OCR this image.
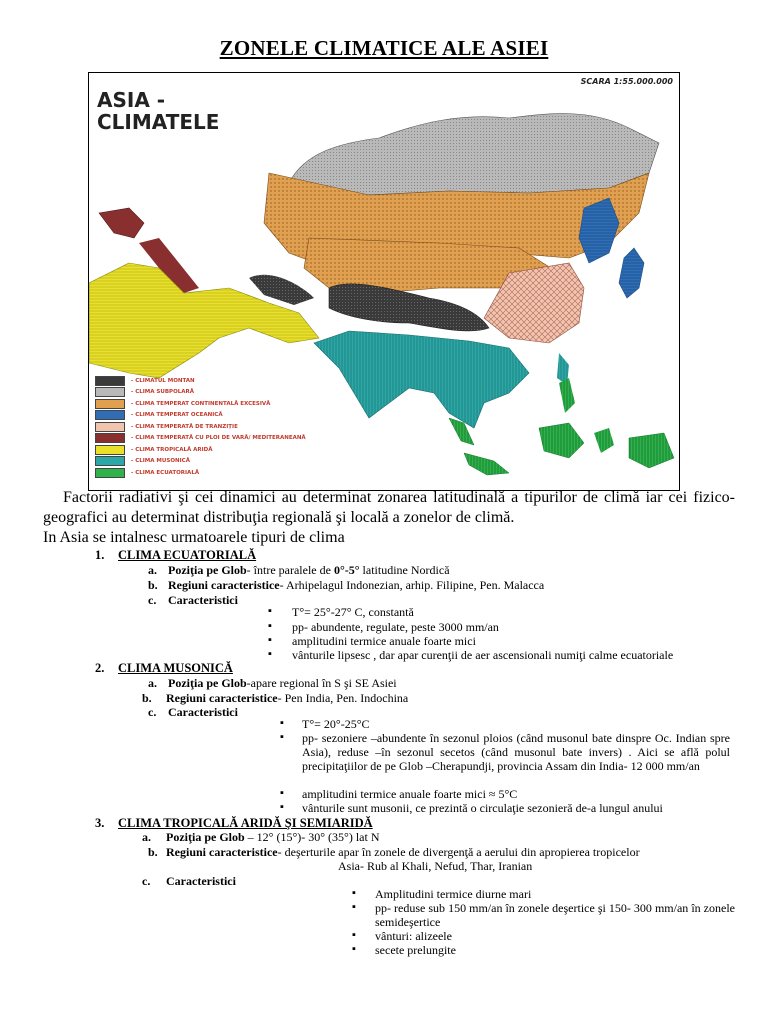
ZONELE CLIMATICE ALE ASIEI
ASIA -
CLIMATELE
SCARA 1:55.000.000
- CLIMATUL MONTAN
- CLIMA SUBPOLARĂ
- CLIMA TEMPERAT CONTINENTALĂ EXCESIVĂ
- CLIMA TEMPERAT OCEANICĂ
- CLIMA TEMPERATĂ DE TRANZIȚIE
- CLIMA TEMPERATĂ CU PLOI DE VARĂ/ MEDITERANEANĂ
- CLIMA TROPICALĂ ARIDĂ
- CLIMA MUSONICĂ
- CLIMA ECUATORIALĂ

Factorii radiativi şi cei dinamici au determinat zonarea latitudinală a tipurilor de climă iar cei fizico-geografici au determinat distribuţia regională şi locală a zonelor de climă.

In Asia se intalnesc urmatoarele tipuri de clima

1. CLIMA ECUATORIALĂ
a. Poziţia pe Glob- între paralele de 0°-5° latitudine Nordică
b. Regiuni caracteristice- Arhipelagul Indonezian, arhip. Filipine, Pen. Malacca
c. Caracteristici
▪ T°= 25°-27° C, constantă
▪ pp- abundente, regulate, peste 3000 mm/an
▪ amplitudini termice anuale foarte mici
▪ vânturile lipsesc , dar apar curenţii de aer ascensionali numiţi calme ecuatoriale
2. CLIMA MUSONICĂ
a. Poziţia pe Glob-apare regional în S şi SE Asiei
b. Regiuni caracteristice- Pen India, Pen. Indochina
c. Caracteristici
▪ T°= 20°-25°C
▪ pp- sezoniere –abundente în sezonul ploios (când musonul bate dinspre Oc. Indian spre Asia), reduse –în sezonul secetos (când musonul bate invers) . Aici se află polul precipitaţiilor de pe Glob –Cherapundji, provincia Assam din India- 12 000 mm/an
▪ amplitudini termice anuale foarte mici ≈ 5°C
▪ vânturile sunt musonii, ce prezintă o circulaţie sezonieră de-a lungul anului
3. CLIMA TROPICALĂ ARIDĂ ŞI SEMIARIDĂ
a. Poziţia pe Glob – 12° (15°)- 30° (35°) lat N
b. Regiuni caracteristice- deşerturile apar în zonele de divergenţă a aerului din apropierea tropicelor
Asia- Rub al Khali, Nefud, Thar, Iranian
c. Caracteristici
▪ Amplitudini termice diurne mari
▪ pp- reduse sub 150 mm/an în zonele deşertice şi 150- 300 mm/an în zonele semideşertice
▪ vânturi: alizeele
▪ secete prelungite
